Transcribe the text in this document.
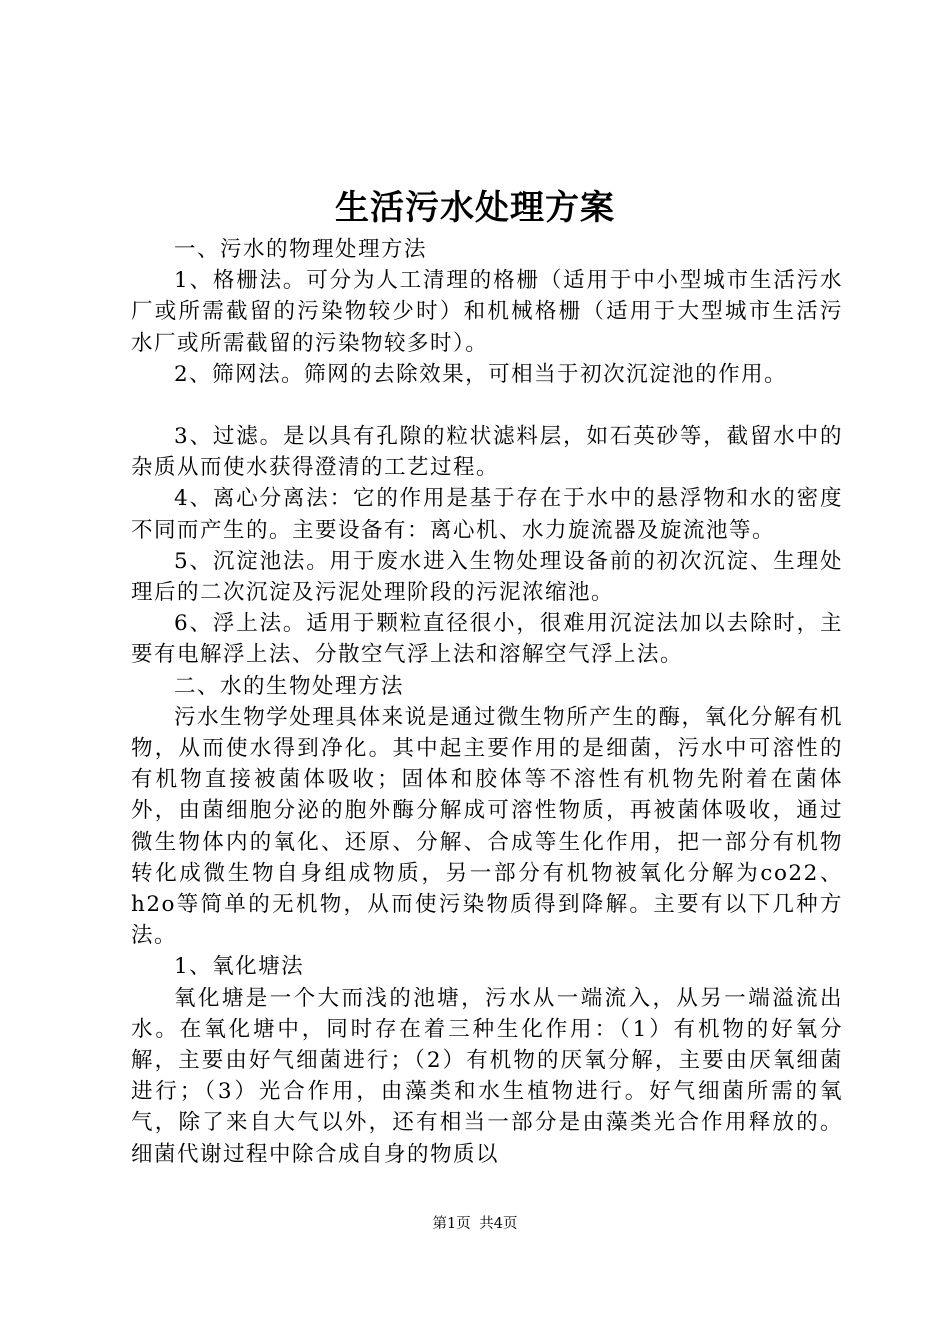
生活污水处理方案

一、污水的物理处理方法

1、格栅法。可分为人工清理的格栅（适用于中小型城市生活污水厂或所需截留的污染物较少时）和机械格栅（适用于大型城市生活污水厂或所需截留的污染物较多时）。

2、筛网法。筛网的去除效果，可相当于初次沉淀池的作用。

3、过滤。是以具有孔隙的粒状滤料层，如石英砂等，截留水中的杂质从而使水获得澄清的工艺过程。

4、离心分离法：它的作用是基于存在于水中的悬浮物和水的密度不同而产生的。主要设备有：离心机、水力旋流器及旋流池等。

5、沉淀池法。用于废水进入生物处理设备前的初次沉淀、生理处理后的二次沉淀及污泥处理阶段的污泥浓缩池。

6、浮上法。适用于颗粒直径很小，很难用沉淀法加以去除时，主要有电解浮上法、分散空气浮上法和溶解空气浮上法。

二、水的生物处理方法

污水生物学处理具体来说是通过微生物所产生的酶，氧化分解有机物，从而使水得到净化。其中起主要作用的是细菌，污水中可溶性的有机物直接被菌体吸收；固体和胶体等不溶性有机物先附着在菌体外，由菌细胞分泌的胞外酶分解成可溶性物质，再被菌体吸收，通过微生物体内的氧化、还原、分解、合成等生化作用，把一部分有机物转化成微生物自身组成物质，另一部分有机物被氧化分解为co22、h2o等简单的无机物，从而使污染物质得到降解。主要有以下几种方法。

1、氧化塘法

氧化塘是一个大而浅的池塘，污水从一端流入，从另一端溢流出水。在氧化塘中，同时存在着三种生化作用：（1）有机物的好氧分解，主要由好气细菌进行；（2）有机物的厌氧分解，主要由厌氧细菌进行；（3）光合作用，由藻类和水生植物进行。好气细菌所需的氧气，除了来自大气以外，还有相当一部分是由藻类光合作用释放的。细菌代谢过程中除合成自身的物质以

第1页 共4页
